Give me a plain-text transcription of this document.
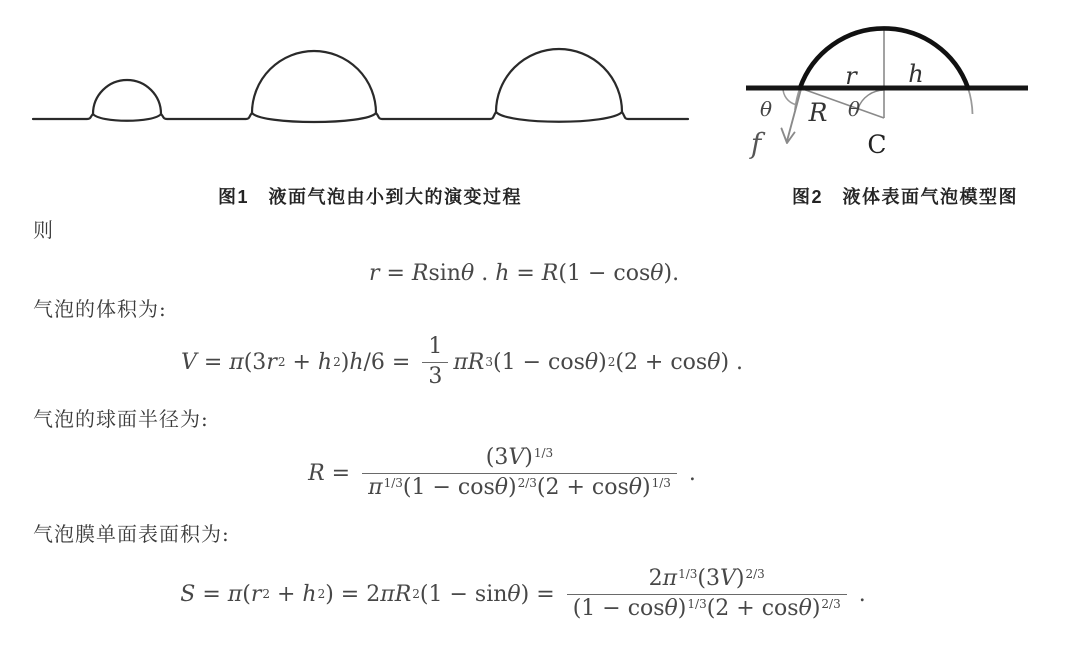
r h
θ R θ
C
f
图1　液面气泡由小到大的演变过程	图2　液体表面气泡模型图
则
r = R sin θ . h = R (1 − cos θ ).
气泡的体积为:
V = π (3 r 2 + h 2 ) h $/6 = \frac{1}{3}$ π R 3 (1 − cos θ ) 2 (2 + cos θ ) .
气泡的球面半径为:
$R = \frac{(3V)^{1/3}}{\pi^{1/3}(1 - \cos\theta)^{2/3}(2 + \cos\theta)^{1/3}}$ .
气泡膜单面表面积为:
S = π ( r 2 + h 2 ) = 2 π R 2 (1 − sin θ ) = $\frac{2\pi^{1/3}(3V)^{2/3}}{(1 - \cos\theta)^{1/3}(2 + \cos\theta)^{2/3}}$ .
